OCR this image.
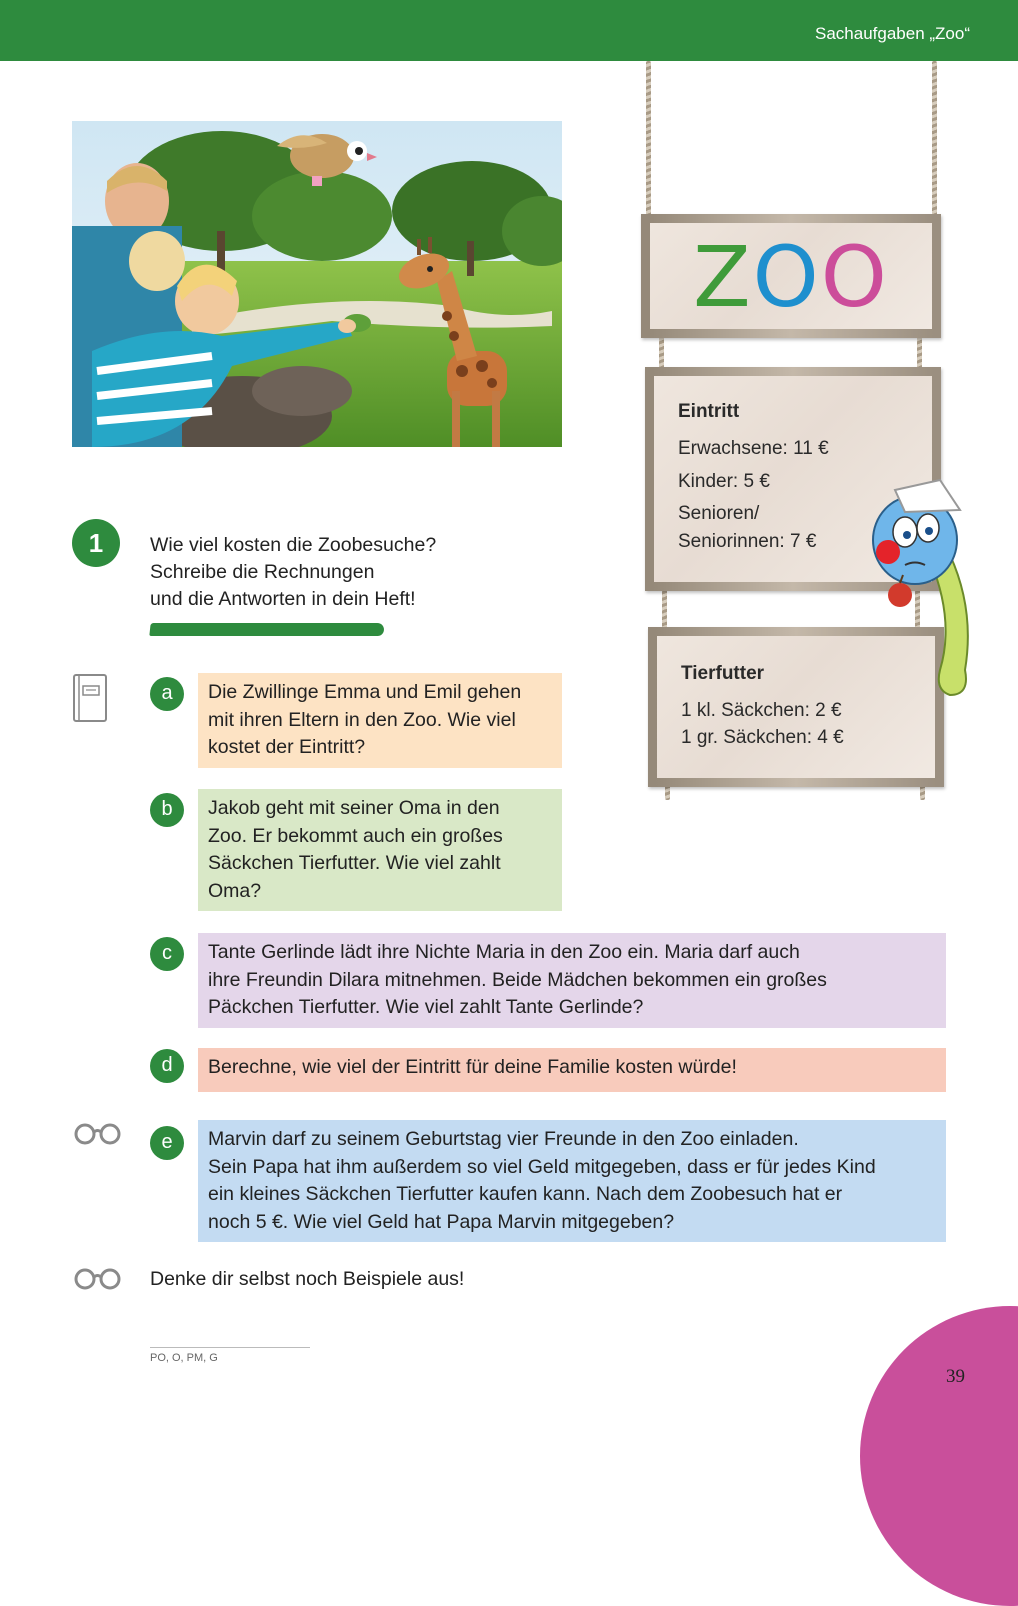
Sachaufgaben „Zoo“
ZOO
Eintritt
Erwachsene: 11 €
Kinder: 5 €
Senioren/
Seniorinnen: 7 €
Tierfutter
1 kl. Säckchen: 2 €
1 gr. Säckchen: 4 €
1	Wie viel kosten die Zoobesuche?
Schreibe die Rechnungen
und die Antworten in dein Heft!
a	Die Zwillinge Emma und Emil gehen
mit ihren Eltern in den Zoo. Wie viel
kostet der Eintritt?
b	Jakob geht mit seiner Oma in den
Zoo. Er bekommt auch ein großes
Säckchen Tierfutter. Wie viel zahlt
Oma?
c	Tante Gerlinde lädt ihre Nichte Maria in den Zoo ein. Maria darf auch
ihre Freundin Dilara mitnehmen. Beide Mädchen bekommen ein großes
Päckchen Tierfutter. Wie viel zahlt Tante Gerlinde?
d	Berechne, wie viel der Eintritt für deine Familie kosten würde!
e	Marvin darf zu seinem Geburtstag vier Freunde in den Zoo einladen.
Sein Papa hat ihm außerdem so viel Geld mitgegeben, dass er für jedes Kind
ein kleines Säckchen Tierfutter kaufen kann. Nach dem Zoobesuch hat er
noch 5 €. Wie viel Geld hat Papa Marvin mitgegeben?
Denke dir selbst noch Beispiele aus!
PO, O, PM, G
39
